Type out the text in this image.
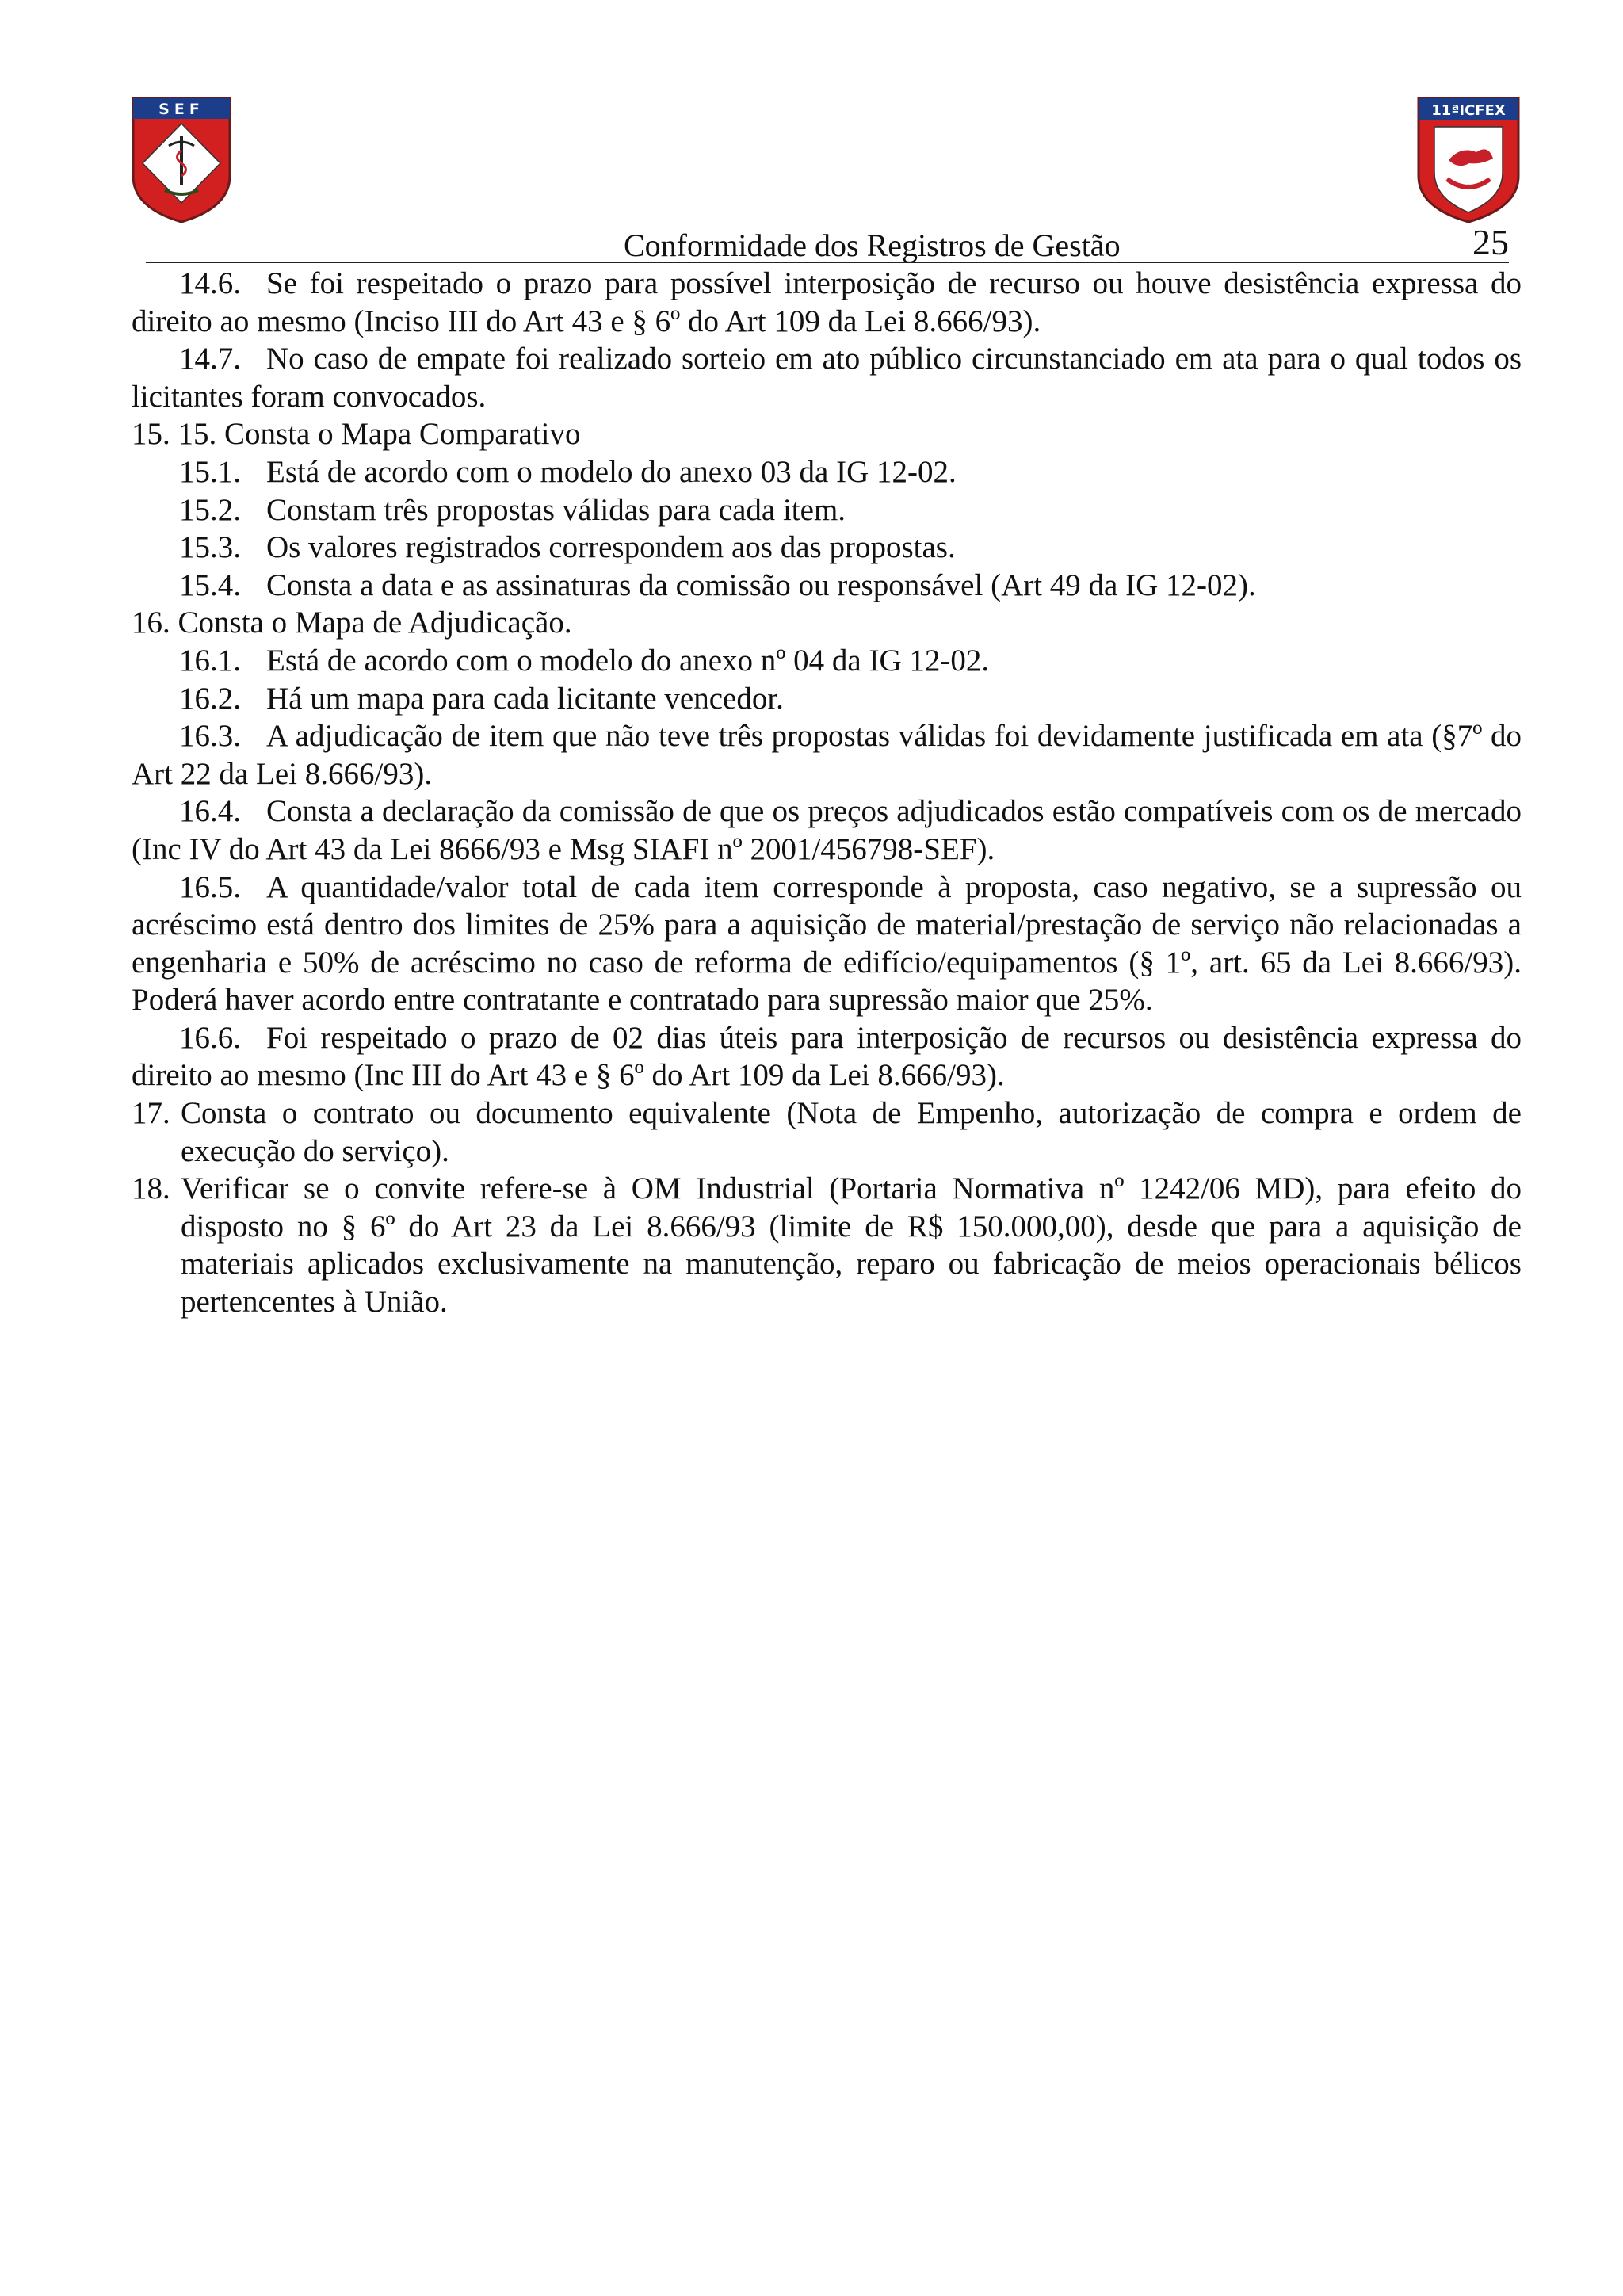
SEF	11ªICFEX
Conformidade dos Registros de Gestão	25

14.6. Se foi respeitado o prazo para possível interposição de recurso ou houve desistência expressa do direito ao mesmo (Inciso III do Art 43 e § 6º do Art 109 da Lei 8.666/93).

14.7. No caso de empate foi realizado sorteio em ato público circunstanciado em ata para o qual todos os licitantes foram convocados.

15. 15. Consta o Mapa Comparativo

15.1. Está de acordo com o modelo do anexo 03 da IG 12-02.

15.2. Constam três propostas válidas para cada item.

15.3. Os valores registrados correspondem aos das propostas.

15.4. Consta a data e as assinaturas da comissão ou responsável (Art 49 da IG 12-02).

16. Consta o Mapa de Adjudicação.

16.1. Está de acordo com o modelo do anexo nº 04 da IG 12-02.

16.2. Há um mapa para cada licitante vencedor.

16.3. A adjudicação de item que não teve três propostas válidas foi devidamente justificada em ata (§7º do Art 22 da Lei 8.666/93).

16.4. Consta a declaração da comissão de que os preços adjudicados estão compatíveis com os de mercado (Inc IV do Art 43 da Lei 8666/93 e Msg SIAFI nº 2001/456798-SEF).

16.5. A quantidade/valor total de cada item corresponde à proposta, caso negativo, se a supressão ou acréscimo está dentro dos limites de 25% para a aquisição de material/prestação de serviço não relacionadas a engenharia e 50% de acréscimo no caso de reforma de edifício/equipamentos (§ 1º, art. 65 da Lei 8.666/93). Poderá haver acordo entre contratante e contratado para supressão maior que 25%.

16.6. Foi respeitado o prazo de 02 dias úteis para interposição de recursos ou desistência expressa do direito ao mesmo (Inc III do Art 43 e § 6º do Art 109 da Lei 8.666/93).

17. Consta o contrato ou documento equivalente (Nota de Empenho, autorização de compra e ordem de execução do serviço).

18. Verificar se o convite refere-se à OM Industrial (Portaria Normativa nº 1242/06 MD), para efeito do disposto no § 6º do Art 23 da Lei 8.666/93 (limite de R$ 150.000,00), desde que para a aquisição de materiais aplicados exclusivamente na manutenção, reparo ou fabricação de meios operacionais bélicos pertencentes à União.
